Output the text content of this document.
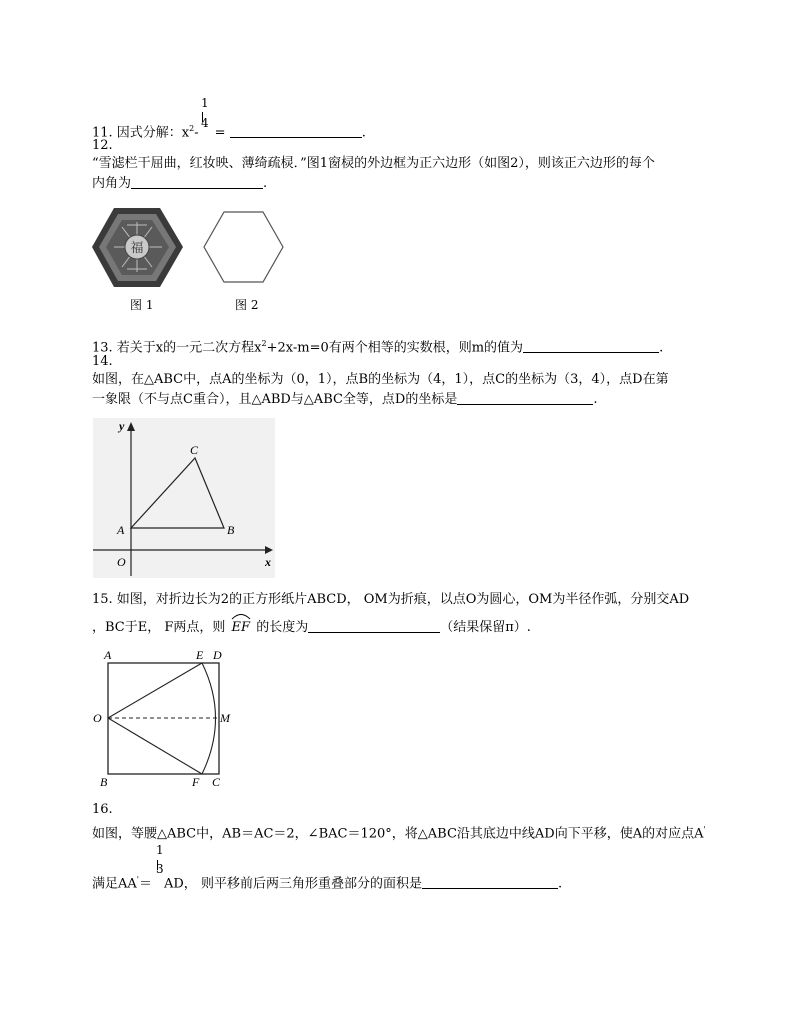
1
4
11. 因式分解：$x^2-$ =	.
12.
“雪滤栏干屈曲，红妆映、薄绮疏棂．”图1窗棂的外边框为正六边形（如图2），则该正六边形的每个
内角为	.
福
图 1	图 2
13. 若关于x的一元二次方程$x^2+2x-m=0$有两个相等的实数根，则m的值为	.
14.
如图，在△ABC中，点A的坐标为（0，1），点B的坐标为（4，1），点C的坐标为（3，4），点D在第
一象限（不与点C重合），且△ABD与△ABC全等，点D的坐标是	.
y
x
O
A	B
C
15. 如图，对折边长为2的正方形纸片ABCD， OM为折痕，以点O为圆心，OM为半径作弧，分别交AD
，BC于E， F两点，则 EF 的长度为	（结果保留π）.
A	E D
O	M
B	F C
16.
如图，等腰△ABC中，AB＝AC＝2，∠BAC＝120°，将△ABC沿其底边中线AD向下平移，使A的对应点A'
1
3
满足AA'＝ AD， 则平移前后两三角形重叠部分的面积是	.
